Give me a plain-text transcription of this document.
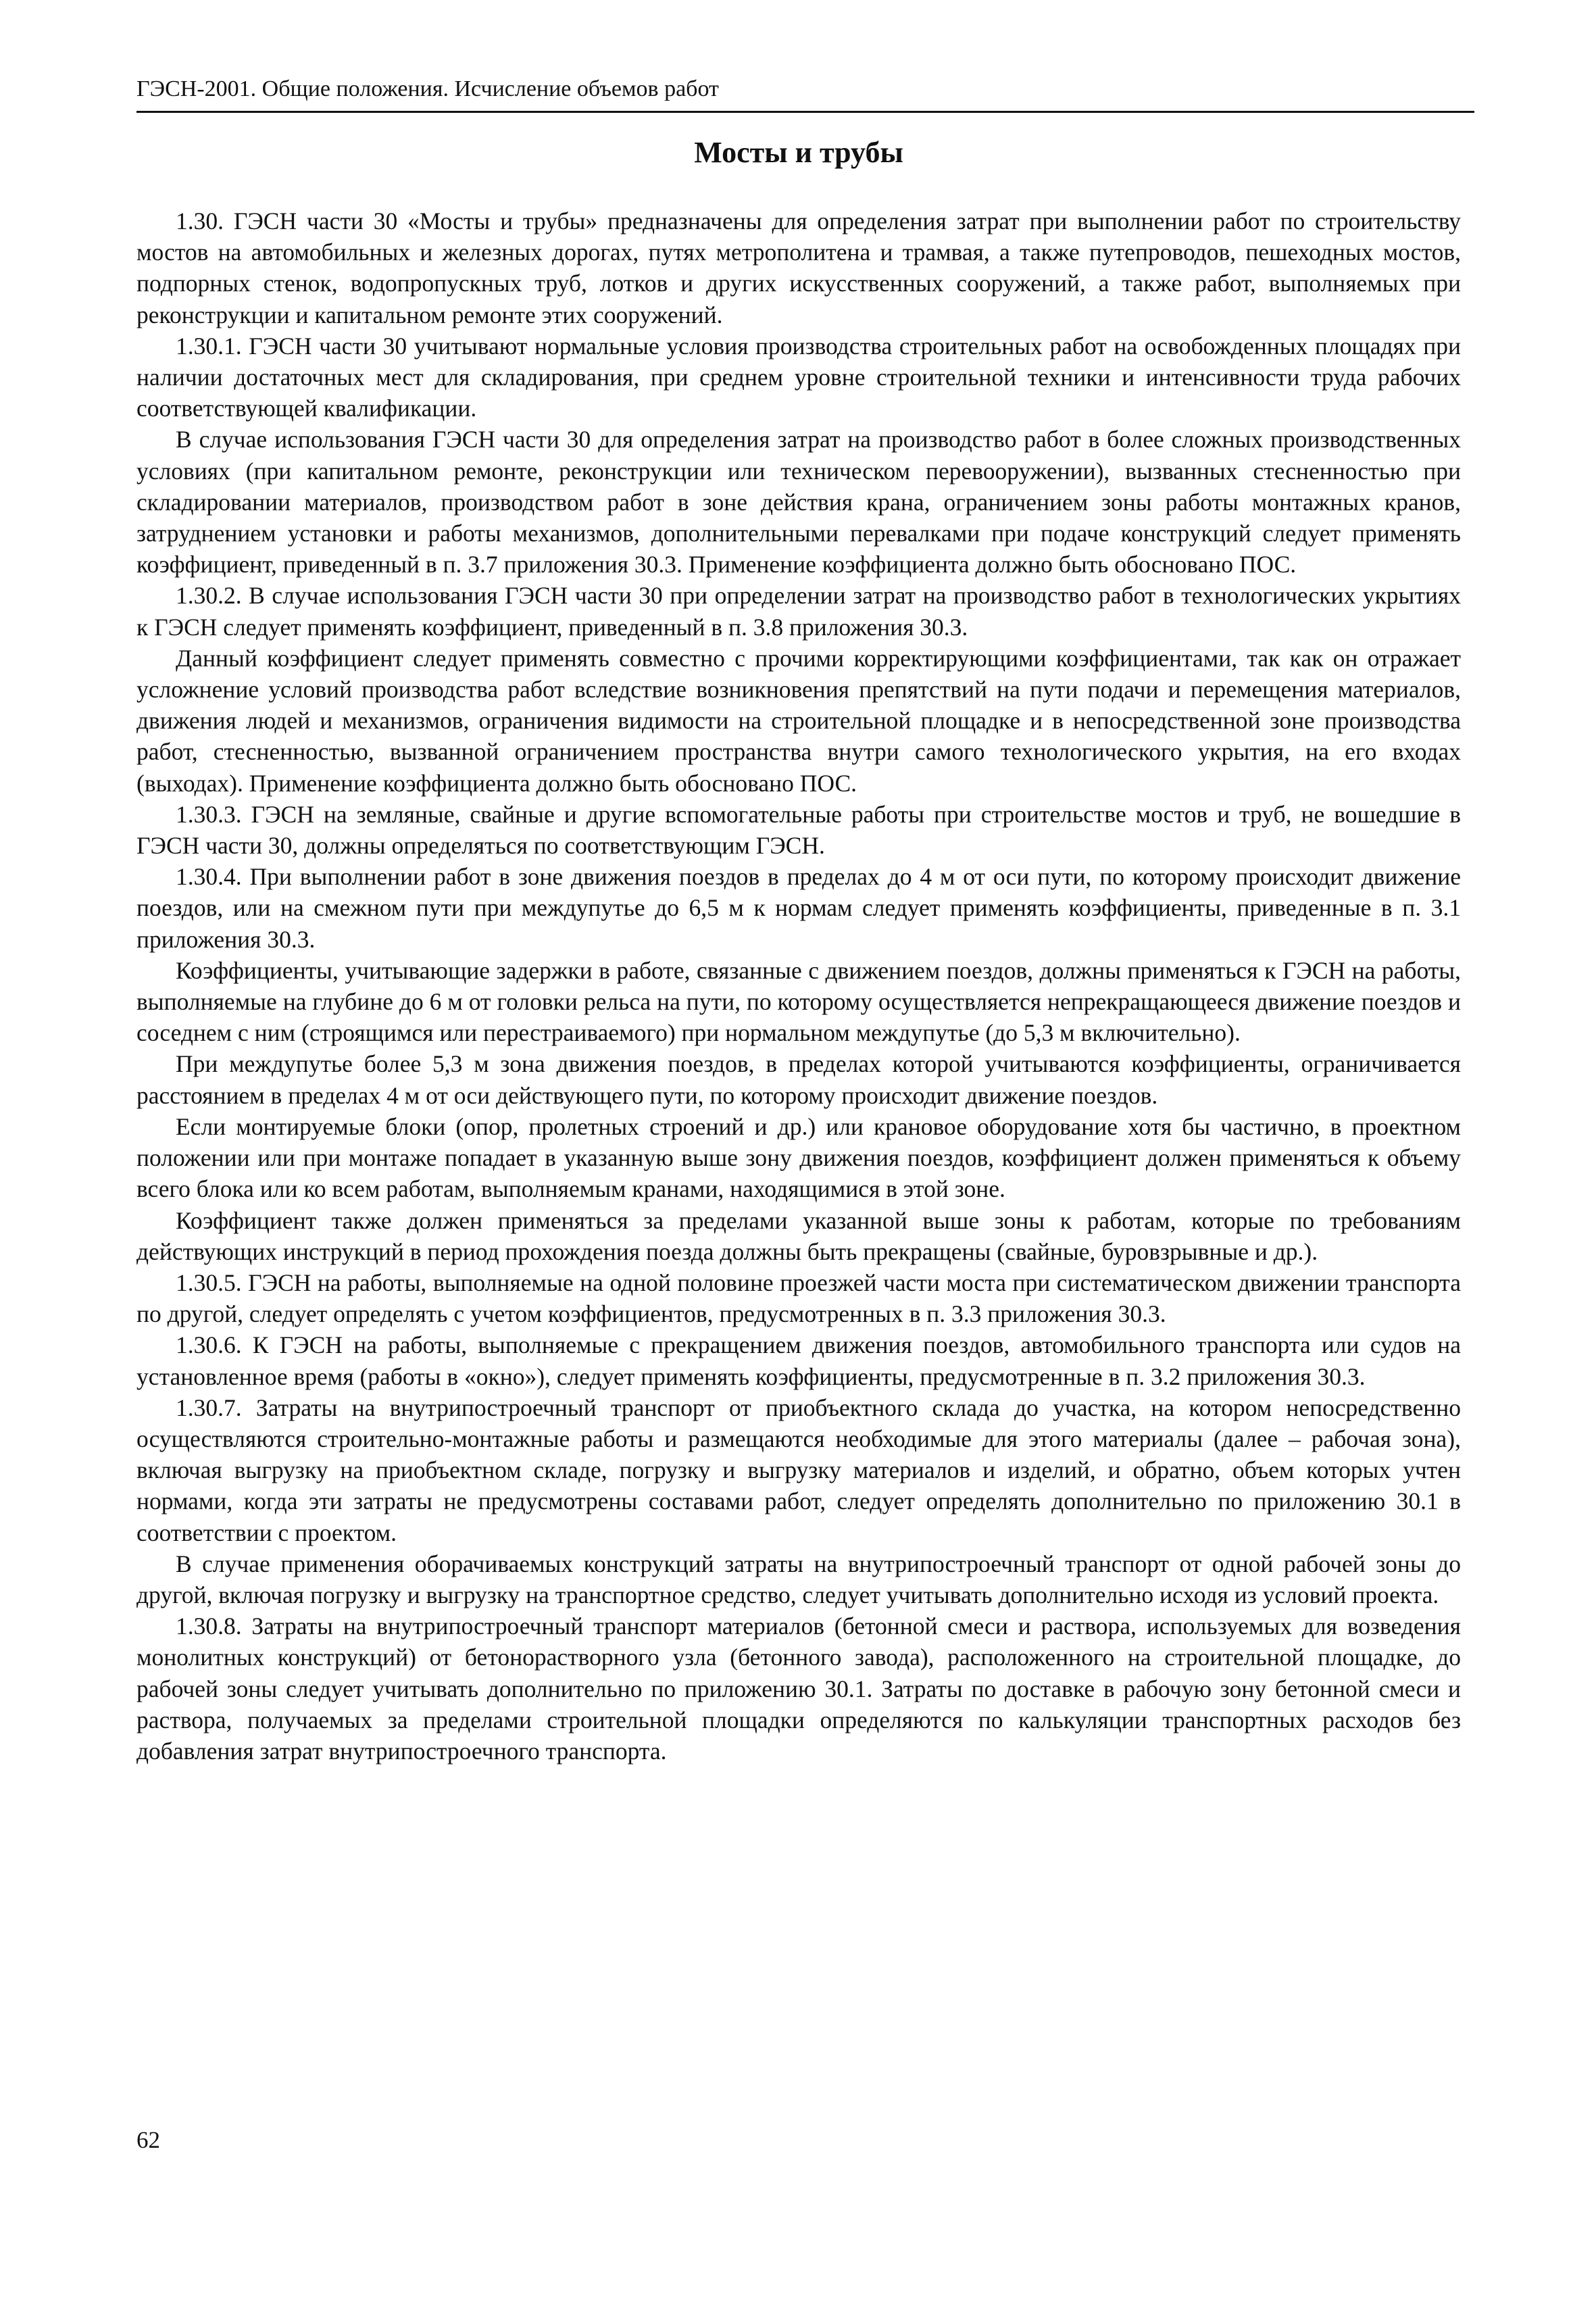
ГЭСН-2001. Общие положения. Исчисление объемов работ
Мосты и трубы

1.30. ГЭСН части 30 «Мосты и трубы» предназначены для определения затрат при выполнении работ по строительству мостов на автомобильных и железных дорогах, путях метрополитена и трамвая, а также путепроводов, пешеходных мостов, подпорных стенок, водопропускных труб, лотков и других искусственных сооружений, а также работ, выполняемых при реконструкции и капитальном ремонте этих сооружений.

1.30.1. ГЭСН части 30 учитывают нормальные условия производства строительных работ на освобожденных площадях при наличии достаточных мест для складирования, при среднем уровне строительной техники и интенсивности труда рабочих соответствующей квалификации.

В случае использования ГЭСН части 30 для определения затрат на производство работ в более сложных производственных условиях (при капитальном ремонте, реконструкции или техническом перевооружении), вызванных стесненностью при складировании материалов, производством работ в зоне действия крана, ограничением зоны работы монтажных кранов, затруднением установки и работы механизмов, дополнительными перевалками при подаче конструкций следует применять коэффициент, приведенный в п. 3.7 приложения 30.3. Применение коэффициента должно быть обосновано ПОС.

1.30.2. В случае использования ГЭСН части 30 при определении затрат на производство работ в технологических укрытиях к ГЭСН следует применять коэффициент, приведенный в п. 3.8 приложения 30.3.

Данный коэффициент следует применять совместно с прочими корректирующими коэффициентами, так как он отражает усложнение условий производства работ вследствие возникновения препятствий на пути подачи и перемещения материалов, движения людей и механизмов, ограничения видимости на строительной площадке и в непосредственной зоне производства работ, стесненностью, вызванной ограничением пространства внутри самого технологического укрытия, на его входах (выходах). Применение коэффициента должно быть обосновано ПОС.

1.30.3. ГЭСН на земляные, свайные и другие вспомогательные работы при строительстве мостов и труб, не вошедшие в ГЭСН части 30, должны определяться по соответствующим ГЭСН.

1.30.4. При выполнении работ в зоне движения поездов в пределах до 4 м от оси пути, по которому происходит движение поездов, или на смежном пути при междупутье до 6,5 м к нормам следует применять коэффициенты, приведенные в п. 3.1 приложения 30.3.

Коэффициенты, учитывающие задержки в работе, связанные с движением поездов, должны применяться к ГЭСН на работы, выполняемые на глубине до 6 м от головки рельса на пути, по которому осуществляется непрекращающееся движение поездов и соседнем с ним (строящимся или перестраиваемого) при нормальном междупутье (до 5,3 м включительно).

При междупутье более 5,3 м зона движения поездов, в пределах которой учитываются коэффициенты, ограничивается расстоянием в пределах 4 м от оси действующего пути, по которому происходит движение поездов.

Если монтируемые блоки (опор, пролетных строений и др.) или крановое оборудование хотя бы частично, в проектном положении или при монтаже попадает в указанную выше зону движения поездов, коэффициент должен применяться к объему всего блока или ко всем работам, выполняемым кранами, находящимися в этой зоне.

Коэффициент также должен применяться за пределами указанной выше зоны к работам, которые по требованиям действующих инструкций в период прохождения поезда должны быть прекращены (свайные, буровзрывные и др.).

1.30.5. ГЭСН на работы, выполняемые на одной половине проезжей части моста при систематическом движении транспорта по другой, следует определять с учетом коэффициентов, предусмотренных в п. 3.3 приложения 30.3.

1.30.6. К ГЭСН на работы, выполняемые с прекращением движения поездов, автомобильного транспорта или судов на установленное время (работы в «окно»), следует применять коэффициенты, предусмотренные в п. 3.2 приложения 30.3.

1.30.7. Затраты на внутрипостроечный транспорт от приобъектного склада до участка, на котором непосредственно осуществляются строительно-монтажные работы и размещаются необходимые для этого материалы (далее – рабочая зона), включая выгрузку на приобъектном складе, погрузку и выгрузку материалов и изделий, и обратно, объем которых учтен нормами, когда эти затраты не предусмотрены составами работ, следует определять дополнительно по приложению 30.1 в соответствии с проектом.

В случае применения оборачиваемых конструкций затраты на внутрипостроечный транспорт от одной рабочей зоны до другой, включая погрузку и выгрузку на транспортное средство, следует учитывать дополнительно исходя из условий проекта.

1.30.8. Затраты на внутрипостроечный транспорт материалов (бетонной смеси и раствора, используемых для возведения монолитных конструкций) от бетонорастворного узла (бетонного завода), расположенного на строительной площадке, до рабочей зоны следует учитывать дополнительно по приложению 30.1. Затраты по доставке в рабочую зону бетонной смеси и раствора, получаемых за пределами строительной площадки определяются по калькуляции транспортных расходов без добавления затрат внутрипостроечного транспорта.

62
